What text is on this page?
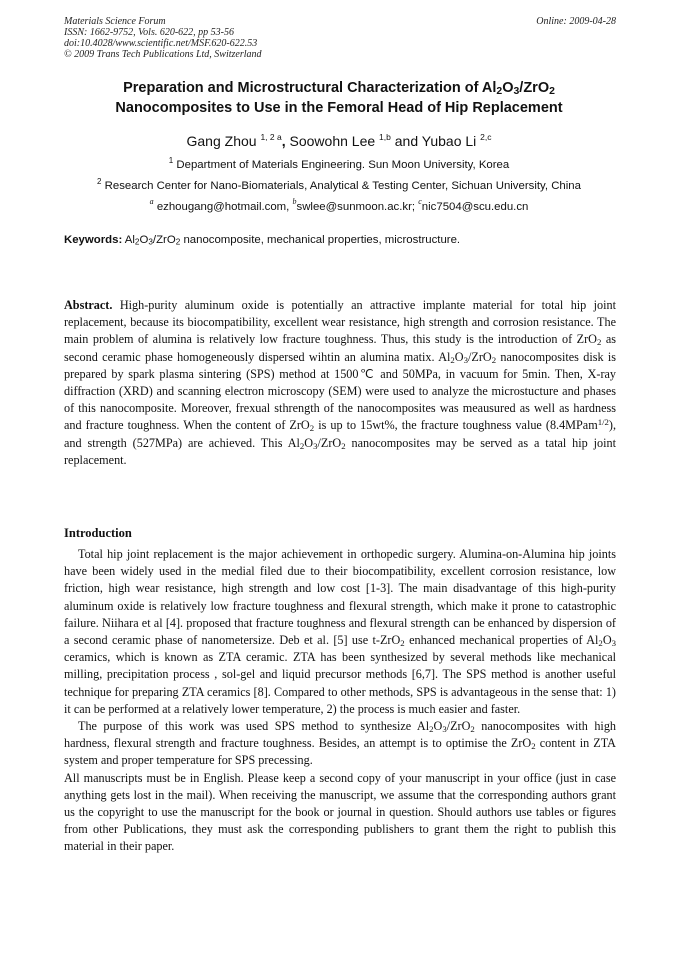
Materials Science Forum
ISSN: 1662-9752, Vols. 620-622, pp 53-56
doi:10.4028/www.scientific.net/MSF.620-622.53
© 2009 Trans Tech Publications Ltd, Switzerland
Online: 2009-04-28
Preparation and Microstructural Characterization of $Al_2O_3/ZrO_2$
Nanocomposites to Use in the Femoral Head of Hip Replacement
Gang Zhou $^{1, 2 a}$, Soowohn Lee $^{1,b}$ and Yubao Li $^{2,c}$
$^1$ Department of Materials Engineering. Sun Moon University, Korea
$^2$ Research Center for Nano-Biomaterials, Analytical & Testing Center, Sichuan University, China
$^a$ ezhougang@hotmail.com, $^b$swlee@sunmoon.ac.kr; $^c$nic7504@scu.edu.cn
Keywords: $Al_2O_3/ZrO_2$ nanocomposite, mechanical properties, microstructure.

Abstract. High-purity aluminum oxide is potentially an attractive implante material for total hip joint replacement, because its biocompatibility, excellent wear resistance, high strength and corrosion resistance. The main problem of alumina is relatively low fracture toughness. Thus, this study is the introduction of ZrO$_2$ as second ceramic phase homogeneously dispersed wihtin an alumina matix. $Al_2O_3/ZrO_2$ nanocomposites disk is prepared by spark plasma sintering (SPS) method at 1500℃ and 50MPa, in vacuum for 5min. Then, X-ray diffraction (XRD) and scanning electron microscopy (SEM) were used to analyze the microstucture and phases of this nanocomposite. Moreover, frexual sthrength of the nanocomposites was meausured as well as hardness and fracture toughness. When the content of ZrO$_2$ is up to 15wt%, the fracture toughness value (8.4MPam$^{1/2}$), and strength (527MPa) are achieved. This $Al_2O_3/ZrO_2$ nanocomposites may be served as a tatal hip joint replacement.

Introduction

Total hip joint replacement is the major achievement in orthopedic surgery. Alumina-on-Alumina hip joints have been widely used in the medial filed due to their biocompatibility, excellent corrosion resistance, low friction, high wear resistance, high strength and low cost [1-3]. The main disadvantage of this high-purity aluminum oxide is relatively low fracture toughness and flexural strength, which make it prone to catastrophic failure. Niihara et al [4]. proposed that fracture toughness and flexural strength can be enhanced by dispersion of a second ceramic phase of nanometersize. Deb et al. [5] use t-ZrO$_2$ enhanced mechanical properties of $Al_2O_3$ ceramics, which is known as ZTA ceramic. ZTA has been synthesized by several methods like mechanical milling, precipitation process , sol-gel and liquid precursor methods [6,7]. The SPS method is another useful technique for preparing ZTA ceramics [8]. Compared to other methods, SPS is advantageous in the sense that: 1) it can be performed at a relatively lower temperature, 2) the process is much easier and faster.

The purpose of this work was used SPS method to synthesize $Al_2O_3/ZrO_2$ nanocomposites with high hardness, flexural strength and fracture toughness. Besides, an attempt is to optimise the ZrO$_2$ content in ZTA system and proper temperature for SPS precessing.

All manuscripts must be in English. Please keep a second copy of your manuscript in your office (just in case anything gets lost in the mail). When receiving the manuscript, we assume that the corresponding authors grant us the copyright to use the manuscript for the book or journal in question. Should authors use tables or figures from other Publications, they must ask the corresponding publishers to grant them the right to publish this material in their paper.
